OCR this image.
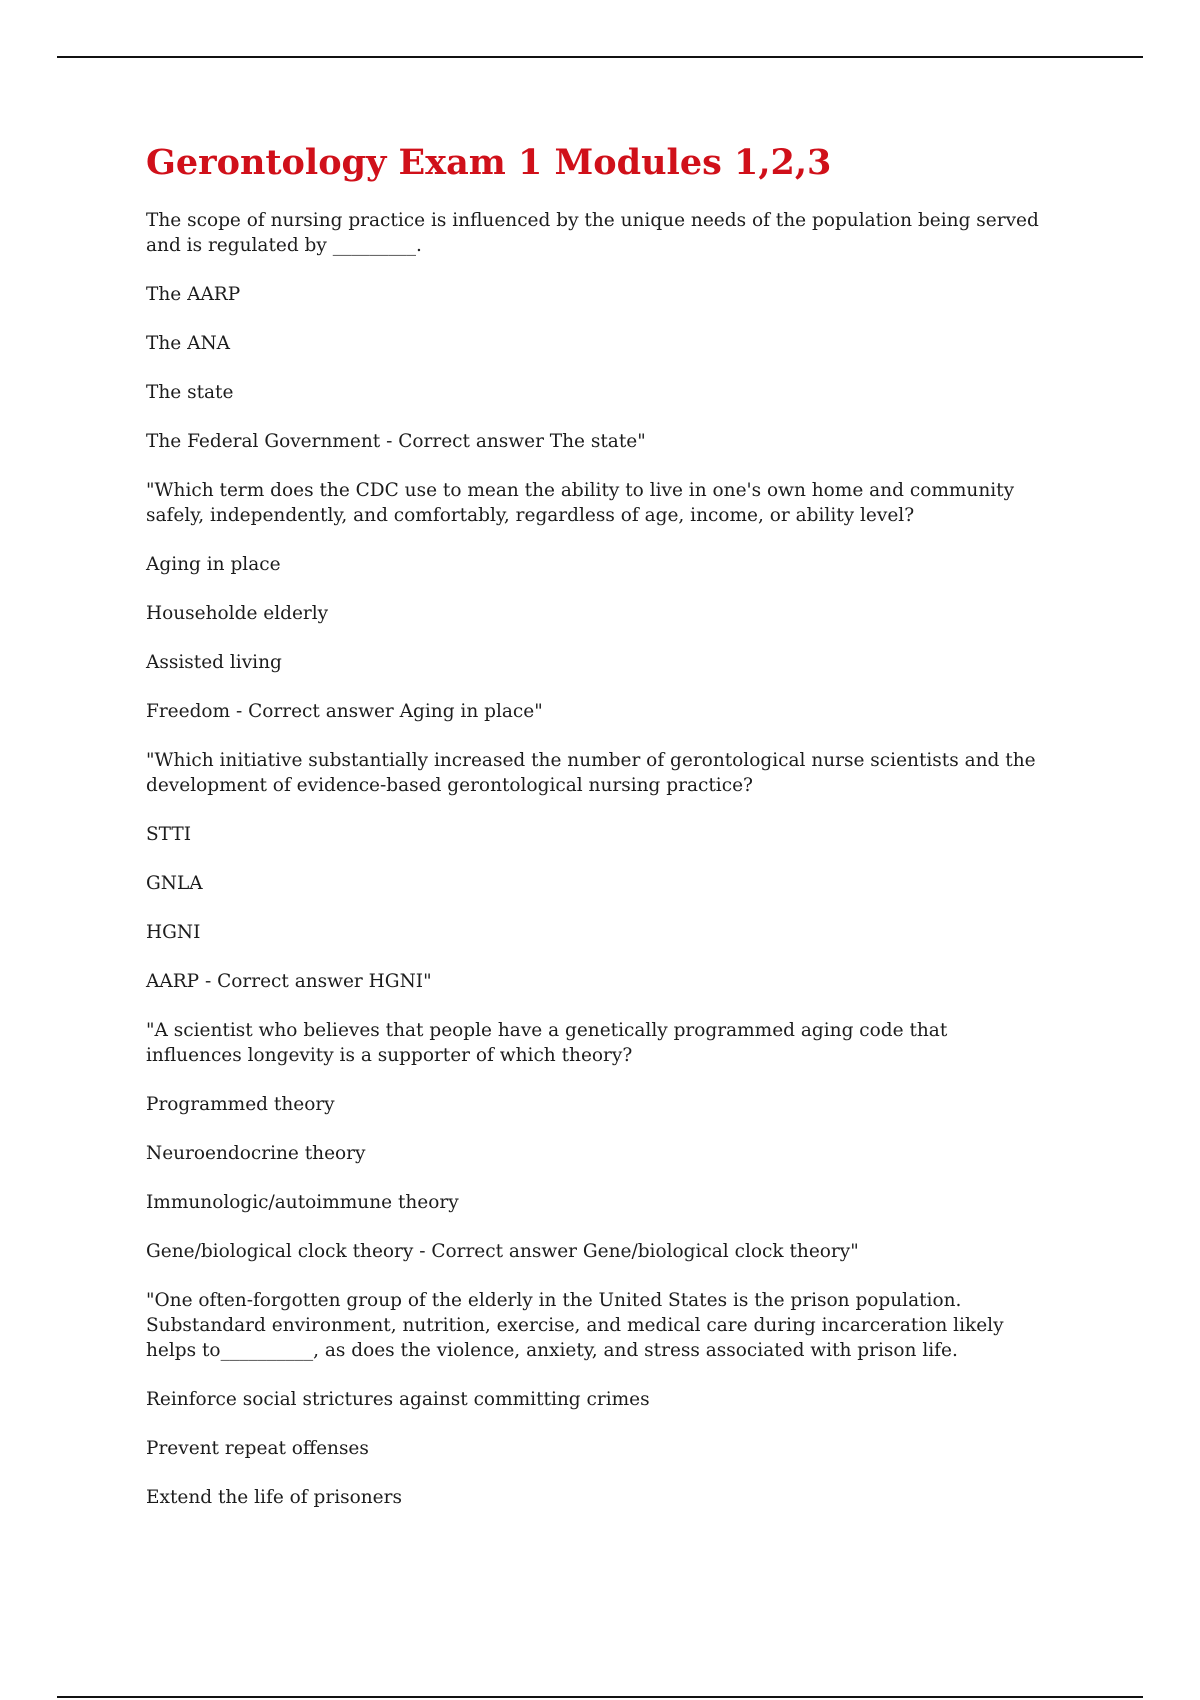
Gerontology Exam 1 Modules 1,2,3

The scope of nursing practice is influenced by the unique needs of the population being served and is regulated by _________.

The AARP

The ANA

The state

The Federal Government - Correct answer The state"

"Which term does the CDC use to mean the ability to live in one's own home and community safely, independently, and comfortably, regardless of age, income, or ability level?

Aging in place

Householde elderly

Assisted living

Freedom - Correct answer Aging in place"

"Which initiative substantially increased the number of gerontological nurse scientists and the development of evidence-based gerontological nursing practice?

STTI

GNLA

HGNI

AARP - Correct answer HGNI"

"A scientist who believes that people have a genetically programmed aging code that influences longevity is a supporter of which theory?

Programmed theory

Neuroendocrine theory

Immunologic/autoimmune theory

Gene/biological clock theory - Correct answer Gene/biological clock theory"

"One often-forgotten group of the elderly in the United States is the prison population. Substandard environment, nutrition, exercise, and medical care during incarceration likely helps to__________, as does the violence, anxiety, and stress associated with prison life.

Reinforce social strictures against committing crimes

Prevent repeat offenses

Extend the life of prisoners
